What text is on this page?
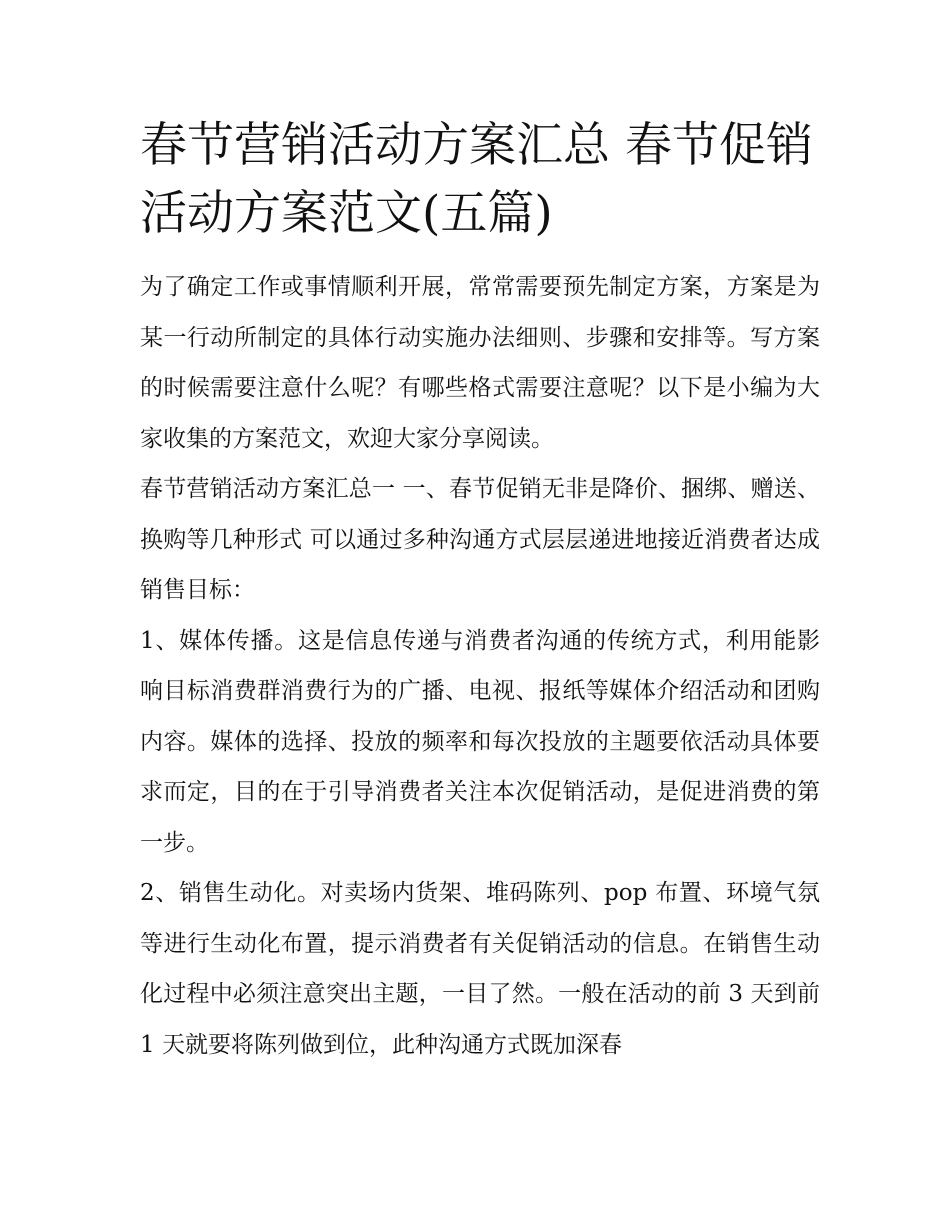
春节营销活动方案汇总 春节促销活动方案范文(五篇)

为了确定工作或事情顺利开展，常常需要预先制定方案，方案是为某一行动所制定的具体行动实施办法细则、步骤和安排等。写方案的时候需要注意什么呢？有哪些格式需要注意呢？以下是小编为大家收集的方案范文，欢迎大家分享阅读。

春节营销活动方案汇总一 一、春节促销无非是降价、捆绑、赠送、换购等几种形式 可以通过多种沟通方式层层递进地接近消费者达成销售目标：

1、媒体传播。这是信息传递与消费者沟通的传统方式，利用能影响目标消费群消费行为的广播、电视、报纸等媒体介绍活动和团购内容。媒体的选择、投放的频率和每次投放的主题要依活动具体要求而定，目的在于引导消费者关注本次促销活动，是促进消费的第一步。

2、销售生动化。对卖场内货架、堆码陈列、pop 布置、环境气氛等进行生动化布置，提示消费者有关促销活动的信息。在销售生动化过程中必须注意突出主题，一目了然。一般在活动的前 3 天到前 1 天就要将陈列做到位，此种沟通方式既加深春
